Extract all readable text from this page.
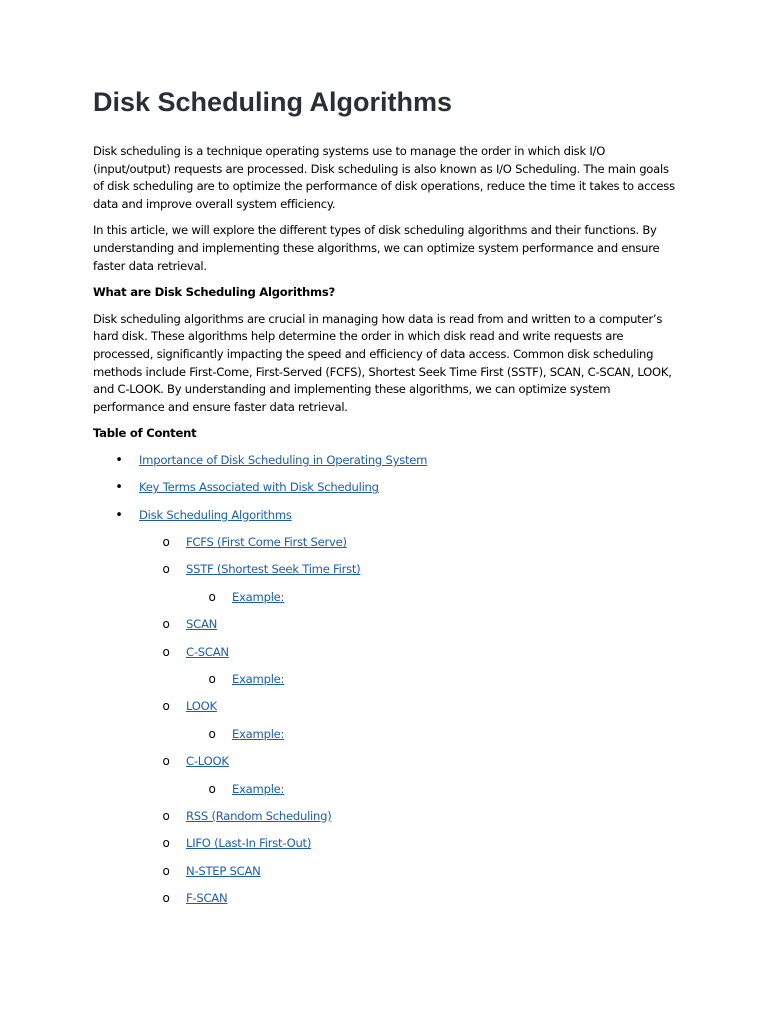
Disk Scheduling Algorithms

Disk scheduling is a technique operating systems use to manage the order in which disk I/O (input/output) requests are processed. Disk scheduling is also known as I/O Scheduling. The main goals of disk scheduling are to optimize the performance of disk operations, reduce the time it takes to access data and improve overall system efficiency.

In this article, we will explore the different types of disk scheduling algorithms and their functions. By understanding and implementing these algorithms, we can optimize system performance and ensure faster data retrieval.

What are Disk Scheduling Algorithms?

Disk scheduling algorithms are crucial in managing how data is read from and written to a computer’s hard disk. These algorithms help determine the order in which disk read and write requests are processed, significantly impacting the speed and efficiency of data access. Common disk scheduling methods include First-Come, First-Served (FCFS), Shortest Seek Time First (SSTF), SCAN, C-SCAN, LOOK, and C-LOOK. By understanding and implementing these algorithms, we can optimize system performance and ensure faster data retrieval.

Table of Content

• Importance of Disk Scheduling in Operating System
• Key Terms Associated with Disk Scheduling
• Disk Scheduling Algorithms
o FCFS (First Come First Serve)
o SSTF (Shortest Seek Time First)
o Example:
o SCAN
o C-SCAN
o Example:
o LOOK
o Example:
o C-LOOK
o Example:
o RSS (Random Scheduling)
o LIFO (Last-In First-Out)
o N-STEP SCAN
o F-SCAN
